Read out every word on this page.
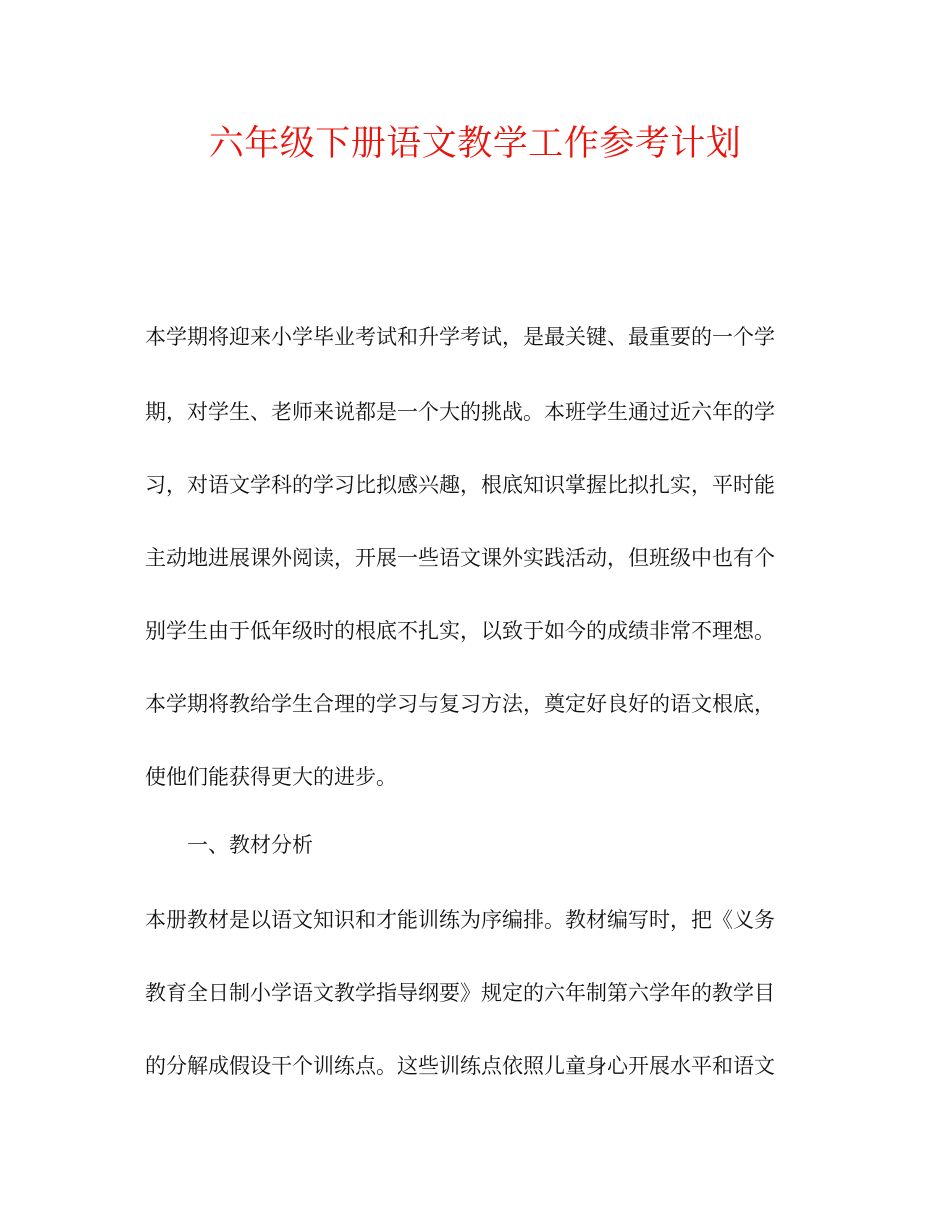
六年级下册语文教学工作参考计划

本学期将迎来小学毕业考试和升学考试，是最关键、最重要的一个学

期，对学生、老师来说都是一个大的挑战。本班学生通过近六年的学

习，对语文学科的学习比拟感兴趣，根底知识掌握比拟扎实，平时能

主动地进展课外阅读，开展一些语文课外实践活动，但班级中也有个

别学生由于低年级时的根底不扎实，以致于如今的成绩非常不理想。

本学期将教给学生合理的学习与复习方法，奠定好良好的语文根底，

使他们能获得更大的进步。

一、教材分析

本册教材是以语文知识和才能训练为序编排。教材编写时，把《义务

教育全日制小学语文教学指导纲要》规定的六年制第六学年的教学目

的分解成假设干个训练点。这些训练点依照儿童身心开展水平和语文
